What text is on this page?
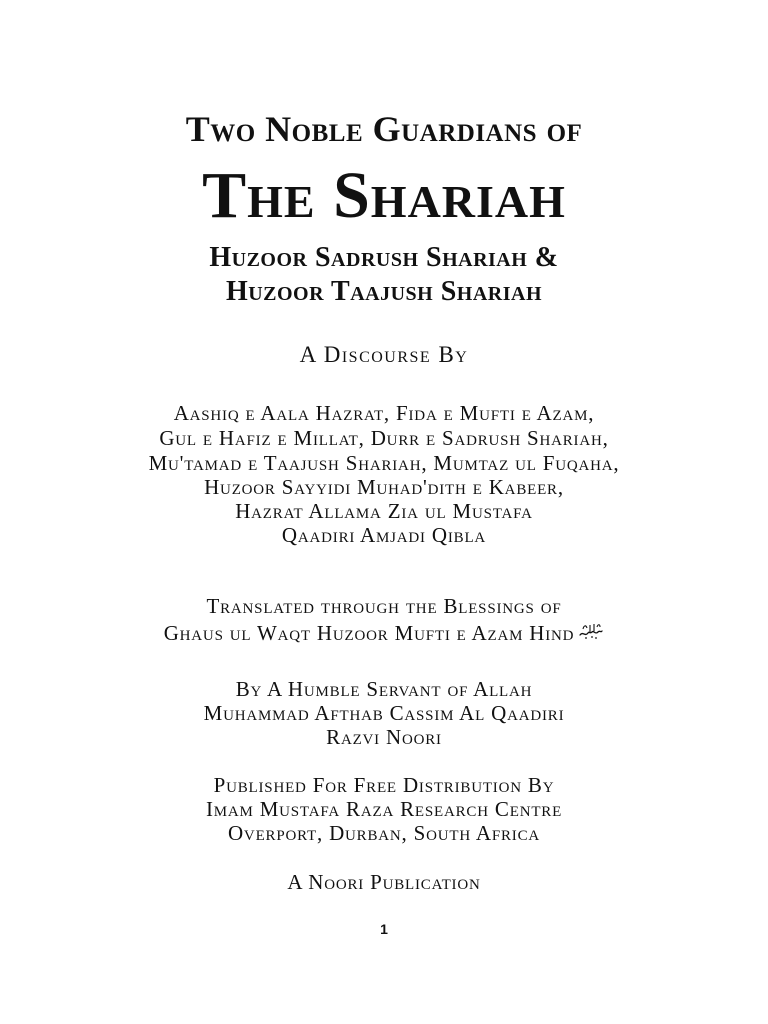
Two Noble Guardians of
The Shariah
Huzoor Sadrush Shariah &
Huzoor Taajush Shariah
A Discourse By
Aashiq e Aala Hazrat, Fida e Mufti e Azam,
Gul e Hafiz e Millat, Durr e Sadrush Shariah,
Mu'tamad e Taajush Shariah, Mumtaz ul Fuqaha,
Huzoor Sayyidi Muhad'dith e Kabeer,
Hazrat Allama Zia ul Mustafa
Qaadiri Amjadi Qibla
Translated through the Blessings of
Ghaus ul Waqt Huzoor Mufti e Azam Hind
By A Humble Servant of Allah
Muhammad Afthab Cassim Al Qaadiri
Razvi Noori
Published For Free Distribution By
Imam Mustafa Raza Research Centre
Overport, Durban, South Africa
A Noori Publication
1
